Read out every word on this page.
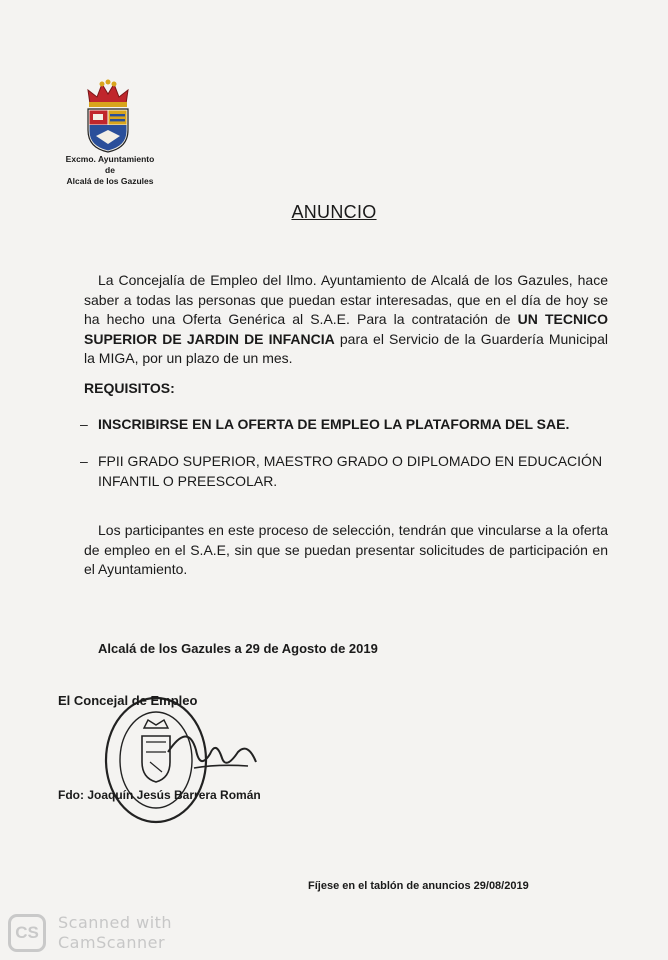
Excmo. Ayuntamiento
de
Alcalá de los Gazules
ANUNCIO
La Concejalía de Empleo del Ilmo. Ayuntamiento de Alcalá de los Gazules, hace saber a todas las personas que puedan estar interesadas, que en el día de hoy se ha hecho una Oferta Genérica al S.A.E. Para la contratación de UN TECNICO SUPERIOR DE JARDIN DE INFANCIA para el Servicio de la Guardería Municipal la MIGA, por un plazo de un mes.
REQUISITOS:
– INSCRIBIRSE EN LA OFERTA DE EMPLEO LA PLATAFORMA DEL SAE.
– FPII GRADO SUPERIOR, MAESTRO GRADO O DIPLOMADO EN EDUCACIÓN INFANTIL O PREESCOLAR.
Los participantes en este proceso de selección, tendrán que vincularse a la oferta de empleo en el S.A.E, sin que se puedan presentar solicitudes de participación en el Ayuntamiento.
Alcalá de los Gazules a 29 de Agosto de 2019
El Concejal de Empleo
Fdo: Joaquín Jesús Barrera Román
Fíjese en el tablón de anuncios 29/08/2019
CS
Scanned with
CamScanner
